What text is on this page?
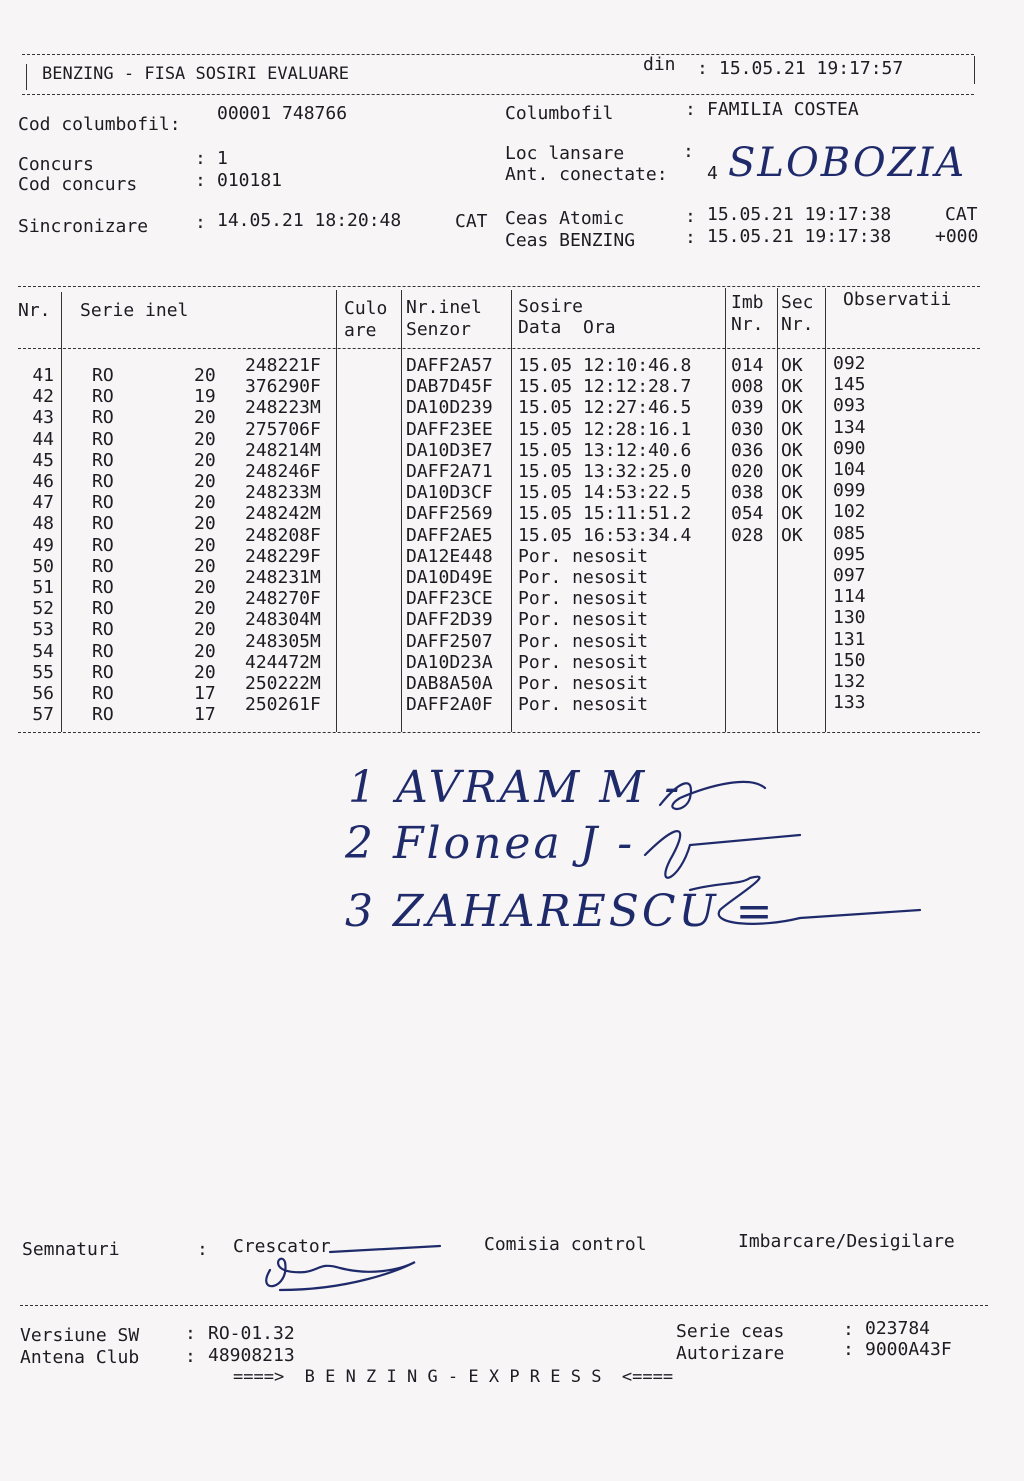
BENZING - FISA SOSIRI EVALUARE	din : 15.05.21 19:17:57
Cod columbofil:
00001 748766	Columbofil	: FAMILIA COSTEA
Concurs	: 1
Cod concurs	: 010181
Loc lansare	:
Ant. conectate: 4 SLOBOZIA
Sincronizare	: 14.05.21 18:20:48	CAT Ceas Atomic	: 15.05.21 19:17:38	CAT
Ceas BENZING	: 15.05.21 19:17:38 +000
Nr. Serie inel	Culo
are
Nr.inel
Senzor
Sosire
Data  Ora
Imb
Nr.
Sec
Nr.
Observatii
41 RO	20 248221F	DAFF2A57 15.05 12:10:46.8 014 OK 092
42 RO	19 376290F	DAB7D45F 15.05 12:12:28.7 008 OK 145
43 RO	20 248223M	DA10D239 15.05 12:27:46.5 039 OK 093
44 RO	20 275706F	DAFF23EE 15.05 12:28:16.1 030 OK 134
45 RO	20 248214M	DA10D3E7 15.05 13:12:40.6 036 OK 090
46 RO	20 248246F	DAFF2A71 15.05 13:32:25.0 020 OK 104
47 RO	20 248233M	DA10D3CF 15.05 14:53:22.5 038 OK 099
48 RO	20 248242M	DAFF2569 15.05 15:11:51.2 054 OK 102
49 RO	20 248208F	DAFF2AE5 15.05 16:53:34.4 028 OK 085
50 RO	20 248229F	DA12E448 Por. nesosit	095
51 RO	20 248231M	DA10D49E Por. nesosit	097
52 RO	20 248270F	DAFF23CE Por. nesosit	114
53 RO	20 248304M	DAFF2D39 Por. nesosit	130
54 RO	20 248305M	DAFF2507 Por. nesosit	131
55 RO	20 424472M	DA10D23A Por. nesosit	150
56 RO	17 250222M	DAB8A50A Por. nesosit	132
57 RO	17 250261F	DAFF2A0F Por. nesosit	133
1 AVRAM M -
2 Flonea J -
3 ZAHARESCU =
Semnaturi	: Crescator	Comisia control	Imbarcare/Desigilare
Versiune SW	: RO-01.32
Antena Club	: 48908213
Serie ceas	: 023784
Autorizare	: 9000A43F
====>  B E N Z I N G - E X P R E S S  <====
